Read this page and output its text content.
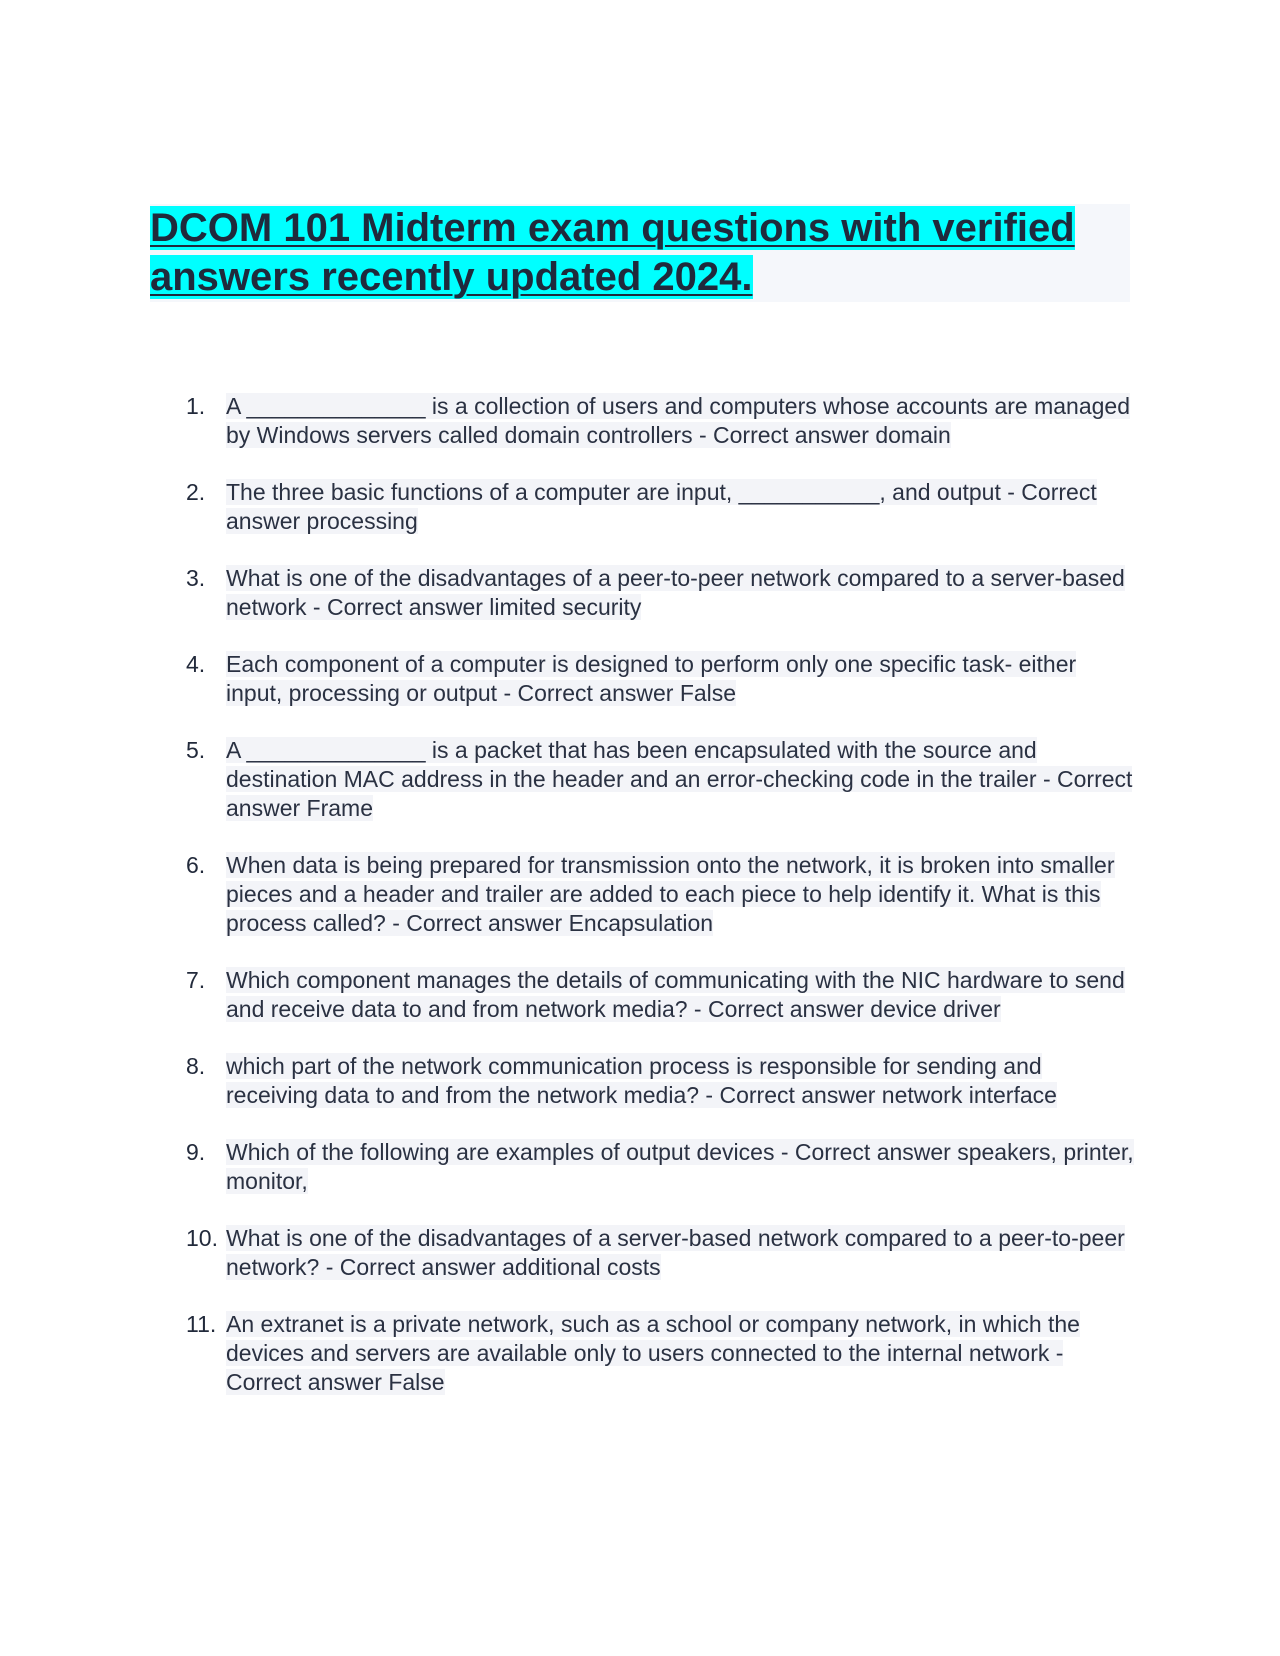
DCOM 101 Midterm exam questions with verified answers recently updated 2024.
1. A ______________ is a collection of users and computers whose accounts are managed by Windows servers called domain controllers - Correct answer domain
2. The three basic functions of a computer are input, ___________, and output - Correct answer processing
3. What is one of the disadvantages of a peer-to-peer network compared to a server-based network - Correct answer limited security
4. Each component of a computer is designed to perform only one specific task- either input, processing or output - Correct answer False
5. A ______________ is a packet that has been encapsulated with the source and destination MAC address in the header and an error-checking code in the trailer - Correct answer Frame
6. When data is being prepared for transmission onto the network, it is broken into smaller pieces and a header and trailer are added to each piece to help identify it. What is this process called? - Correct answer Encapsulation
7. Which component manages the details of communicating with the NIC hardware to send and receive data to and from network media? - Correct answer device driver
8. which part of the network communication process is responsible for sending and receiving data to and from the network media? - Correct answer network interface
9. Which of the following are examples of output devices - Correct answer speakers, printer, monitor,
10. What is one of the disadvantages of a server-based network compared to a peer-to-peer network? - Correct answer additional costs
11. An extranet is a private network, such as a school or company network, in which the devices and servers are available only to users connected to the internal network - Correct answer False
